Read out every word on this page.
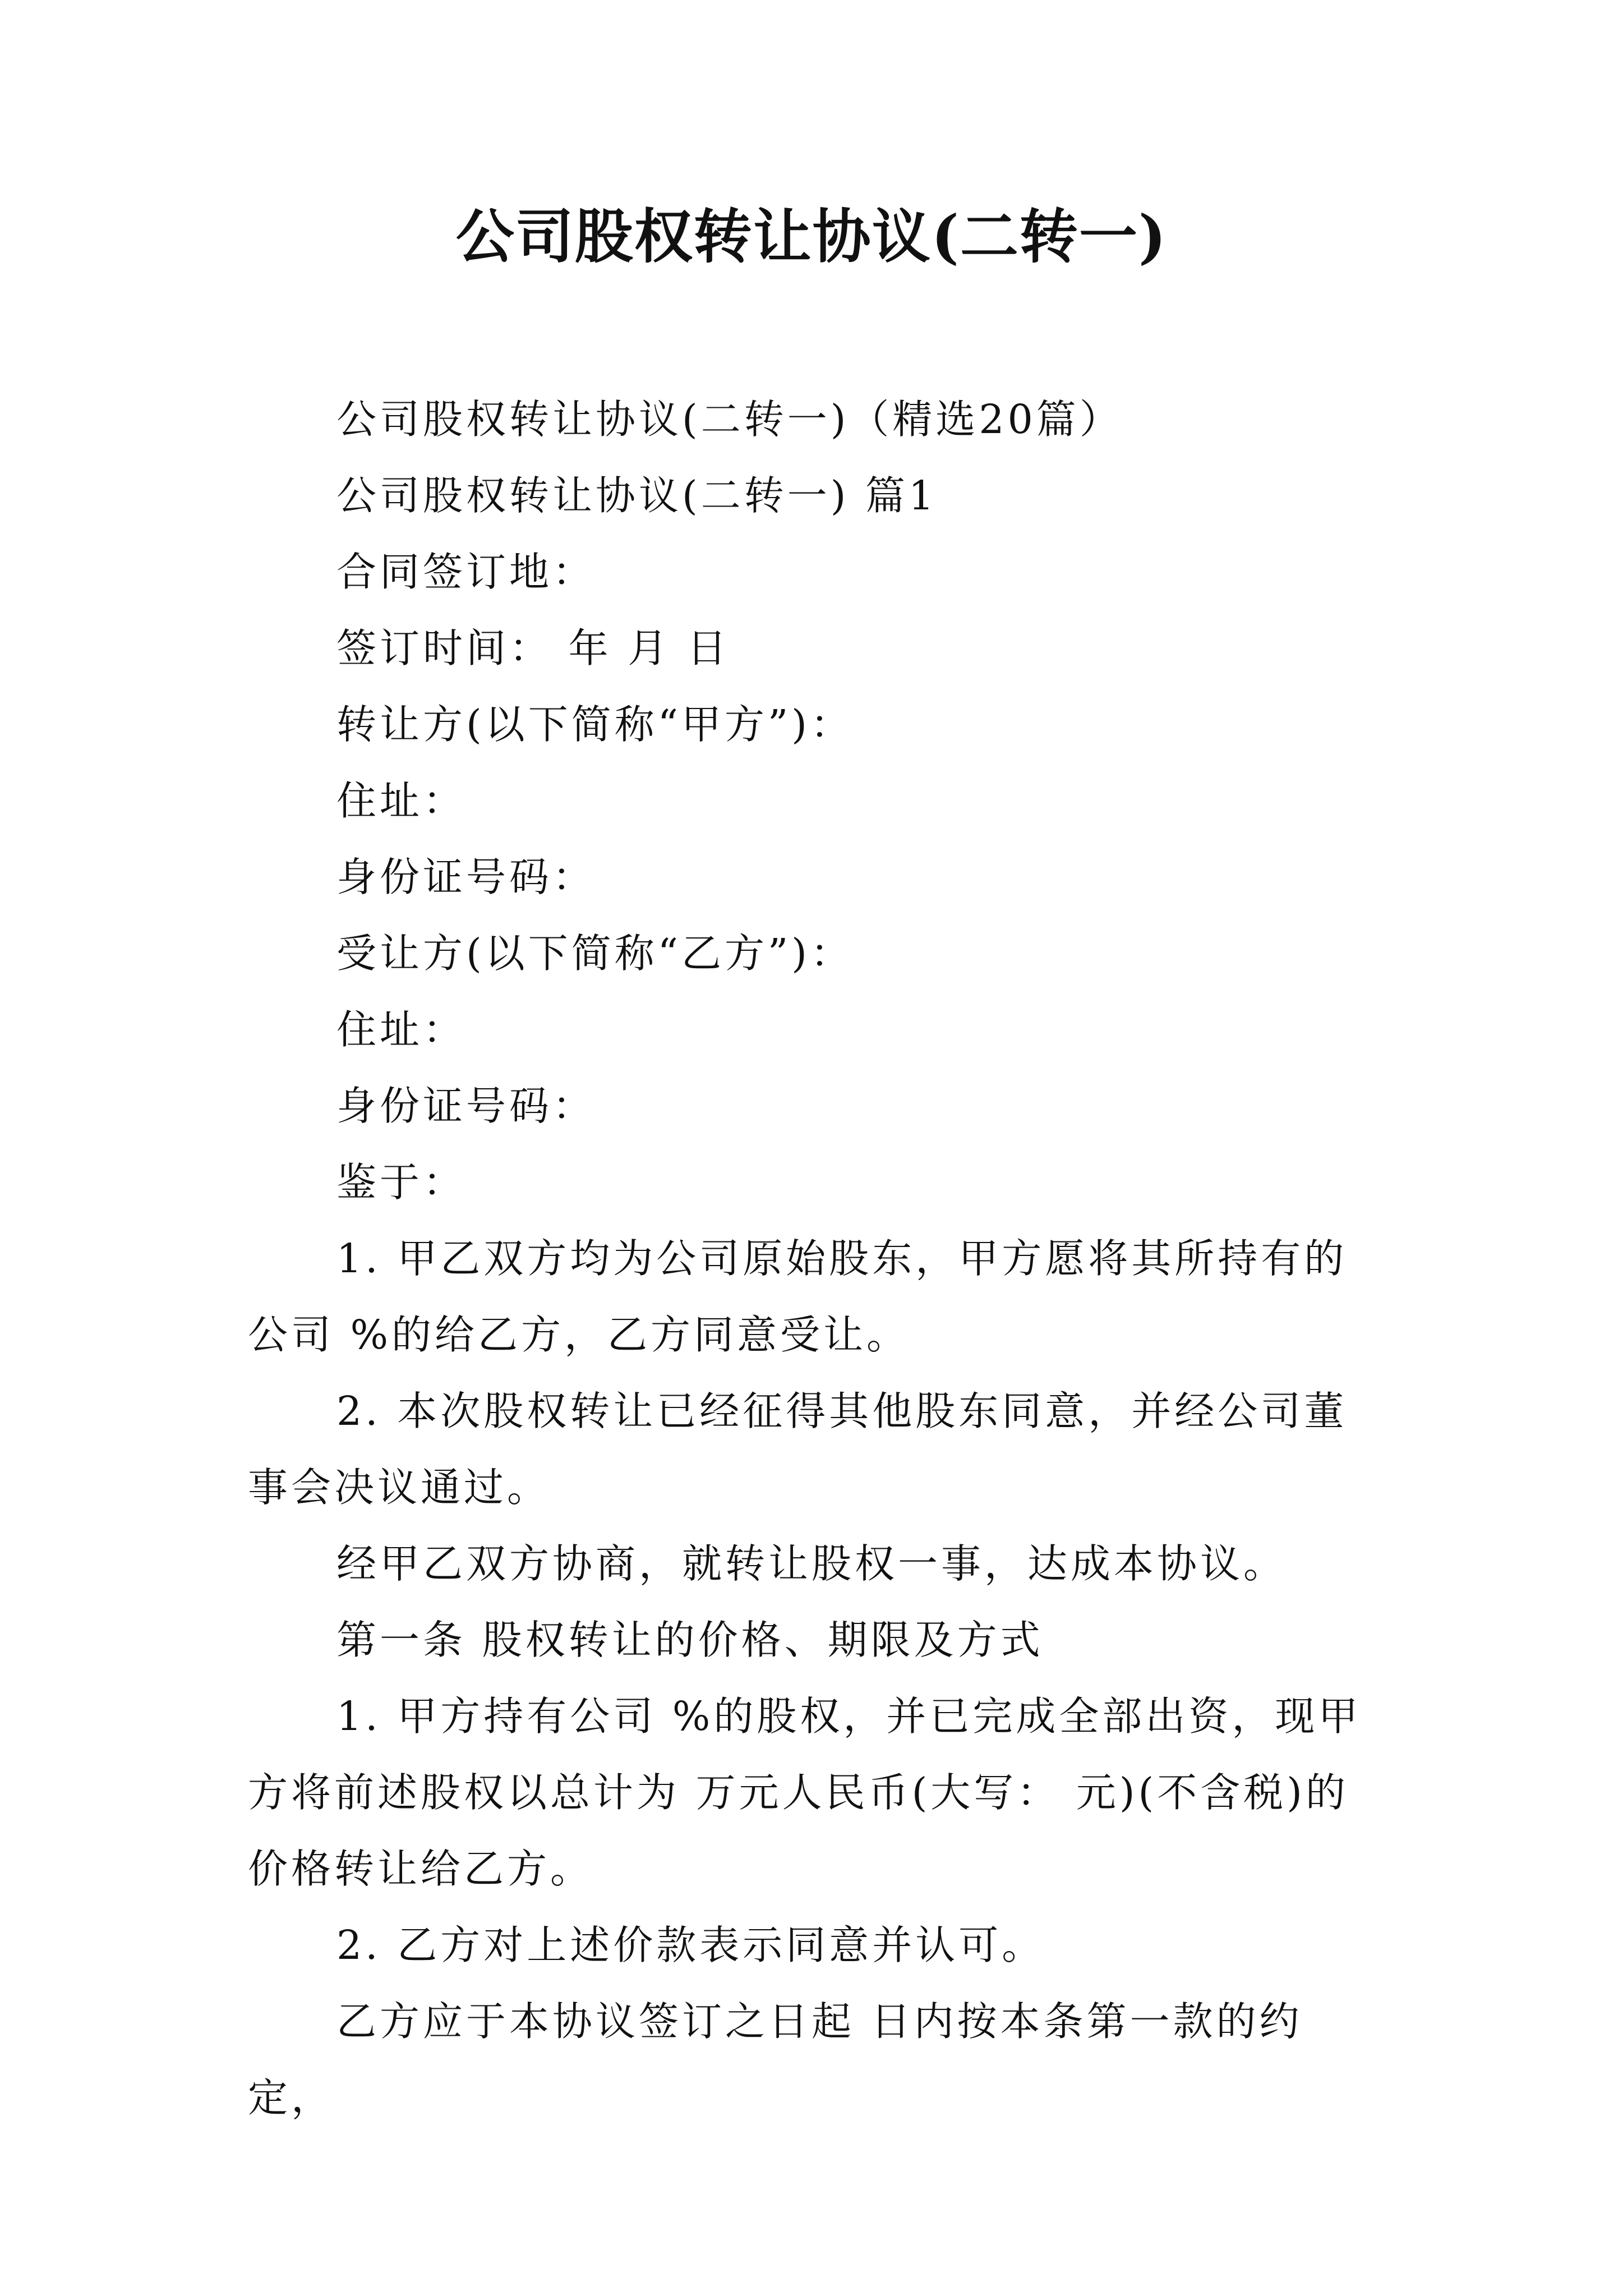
公司股权转让协议(二转一)

公司股权转让协议(二转一)（精选20篇）

公司股权转让协议(二转一) 篇1

合同签订地：

签订时间： 年 月 日

转让方(以下简称“甲方”)：

住址：

身份证号码：

受让方(以下简称“乙方”)：

住址：

身份证号码：

鉴于：

1. 甲乙双方均为公司原始股东，甲方愿将其所持有的公司 %的给乙方，乙方同意受让。

2. 本次股权转让已经征得其他股东同意，并经公司董事会决议通过。

经甲乙双方协商，就转让股权一事，达成本协议。

第一条 股权转让的价格、期限及方式

1. 甲方持有公司 %的股权，并已完成全部出资，现甲方将前述股权以总计为 万元人民币(大写： 元)(不含税)的价格转让给乙方。

2. 乙方对上述价款表示同意并认可。

乙方应于本协议签订之日起 日内按本条第一款的约定，
